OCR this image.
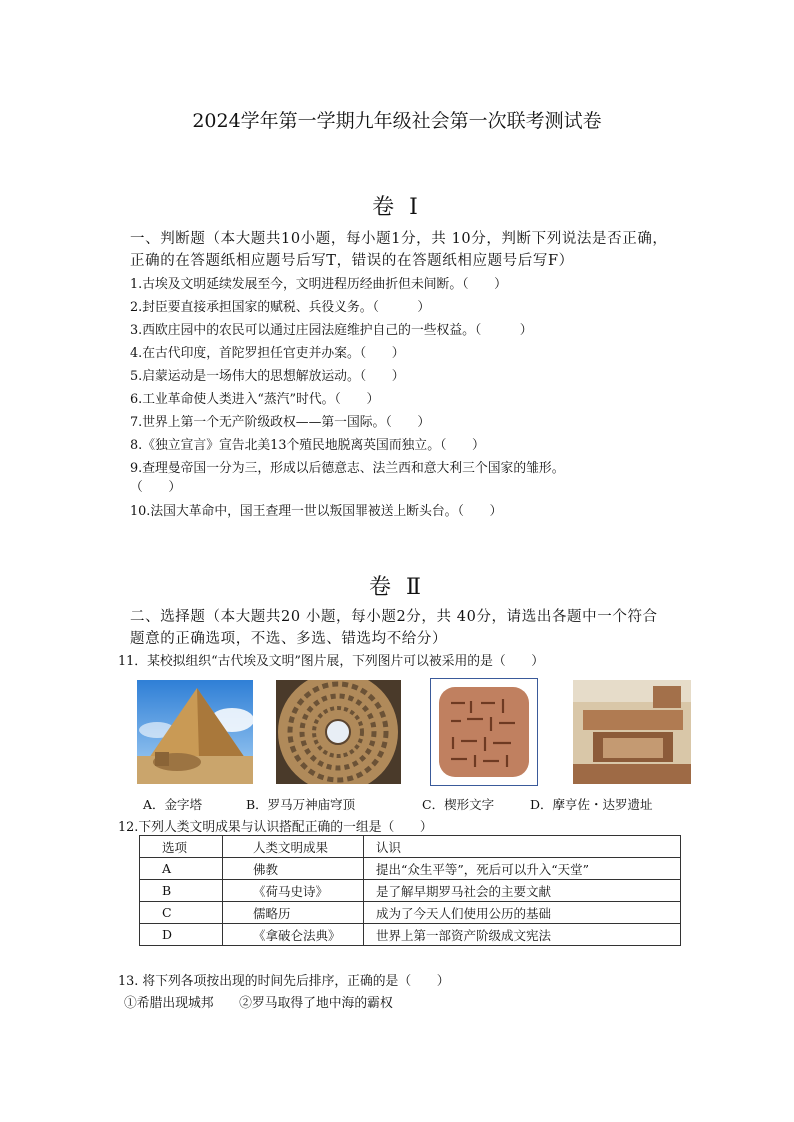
2024学年第一学期九年级社会第一次联考测试卷
卷 Ⅰ
一、判断题（本大题共10小题，每小题1分，共 10分，判断下列说法是否正确，正确的在答题纸相应题号后写T，错误的在答题纸相应题号后写F）
1.古埃及文明延续发展至今，文明进程历经曲折但未间断。（　　）
2.封臣要直接承担国家的赋税、兵役义务。（　　　）
3.西欧庄园中的农民可以通过庄园法庭维护自己的一些权益。（　　　）
4.在古代印度，首陀罗担任官吏并办案。（　　）
5.启蒙运动是一场伟大的思想解放运动。（　　）
6.工业革命使人类进入“蒸汽”时代。（　　）
7.世界上第一个无产阶级政权——第一国际。（　　）
8.《独立宣言》宣告北美13个殖民地脱离英国而独立。（　　）
9.查理曼帝国一分为三，形成以后德意志、法兰西和意大利三个国家的雏形。
（　　）
10.法国大革命中，国王查理一世以叛国罪被送上断头台。（　　）
卷 Ⅱ
二、选择题（本大题共20 小题，每小题2分，共 40分，请选出各题中一个符合题意的正确选项，不选、多选、错选均不给分）
11．某校拟组织“古代埃及文明”图片展，下列图片可以被采用的是（　　）
A．金字塔	B．罗马万神庙穹顶	C．楔形文字	D．摩亨佐・达罗遗址
12.下列人类文明成果与认识搭配正确的一组是（　　）
选项	人类文明成果	认识
A	佛教	提出“众生平等”，死后可以升入“天堂”
B	《荷马史诗》	是了解早期罗马社会的主要文献
C	儒略历	成为了今天人们使用公历的基础
D	《拿破仑法典》	世界上第一部资产阶级成文宪法
13. 将下列各项按出现的时间先后排序，正确的是（　　）
①希腊出现城邦　　②罗马取得了地中海的霸权
